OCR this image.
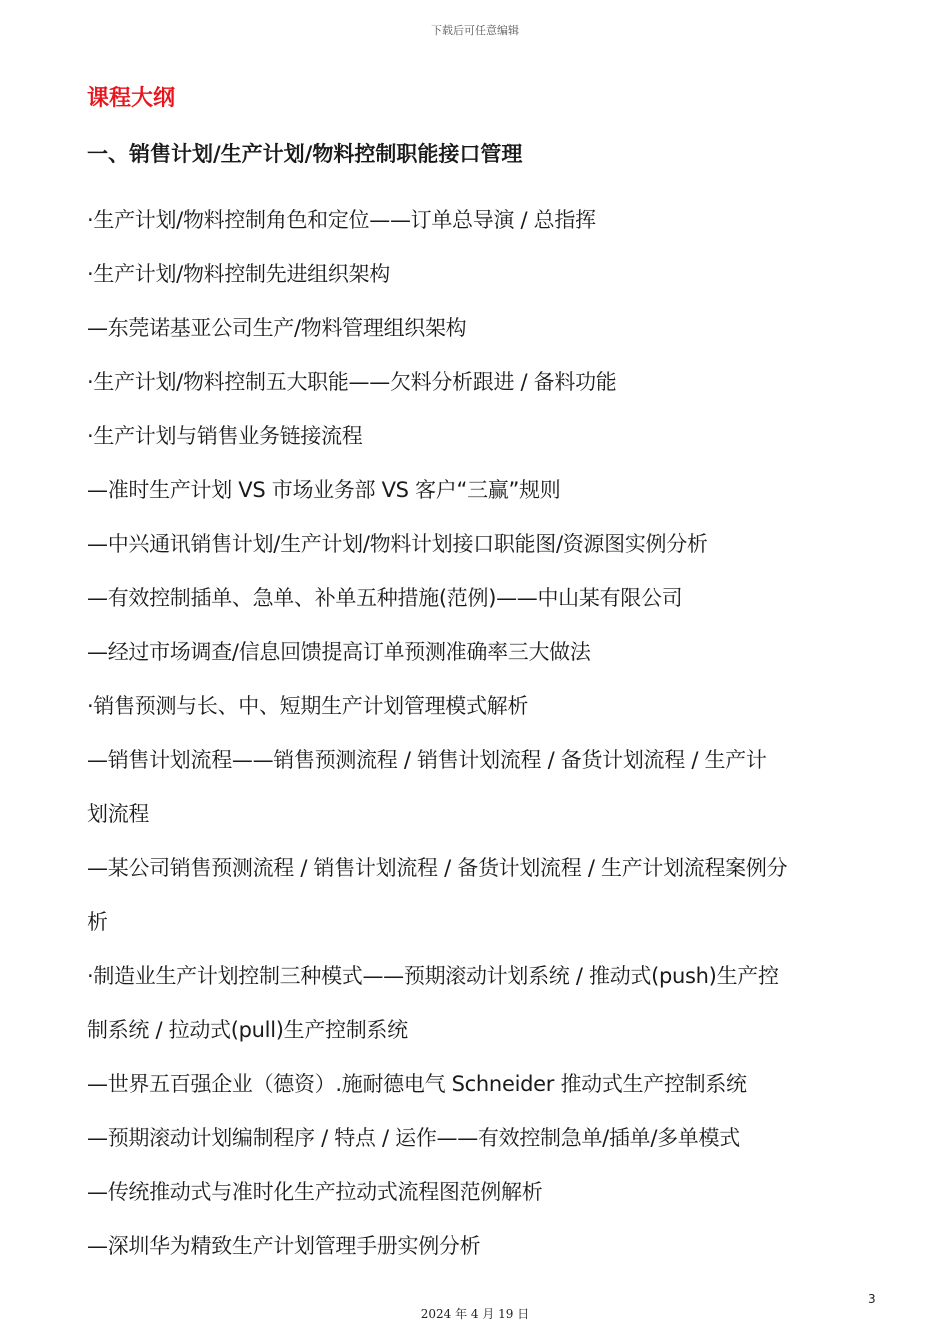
下载后可任意编辑
课程大纲
一、销售计划/生产计划/物料控制职能接口管理
·生产计划/物料控制角色和定位——订单总导演 / 总指挥
·生产计划/物料控制先进组织架构
—东莞诺基亚公司生产/物料管理组织架构
·生产计划/物料控制五大职能——欠料分析跟进 / 备料功能
·生产计划与销售业务链接流程
—准时生产计划 VS 市场业务部 VS 客户“三赢”规则
—中兴通讯销售计划/生产计划/物料计划接口职能图/资源图实例分析
—有效控制插单、急单、补单五种措施(范例)——中山某有限公司
—经过市场调查/信息回馈提高订单预测准确率三大做法
·销售预测与长、中、短期生产计划管理模式解析
—销售计划流程——销售预测流程 / 销售计划流程 / 备货计划流程 / 生产计
划流程
—某公司销售预测流程 / 销售计划流程 / 备货计划流程 / 生产计划流程案例分
析
·制造业生产计划控制三种模式——预期滚动计划系统 / 推动式(push)生产控
制系统 / 拉动式(pull)生产控制系统
—世界五百强企业（德资）.施耐德电气 Schneider 推动式生产控制系统
—预期滚动计划编制程序 / 特点 / 运作——有效控制急单/插单/多单模式
—传统推动式与准时化生产拉动式流程图范例解析
—深圳华为精致生产计划管理手册实例分析
3
2024 年 4 月 19 日
